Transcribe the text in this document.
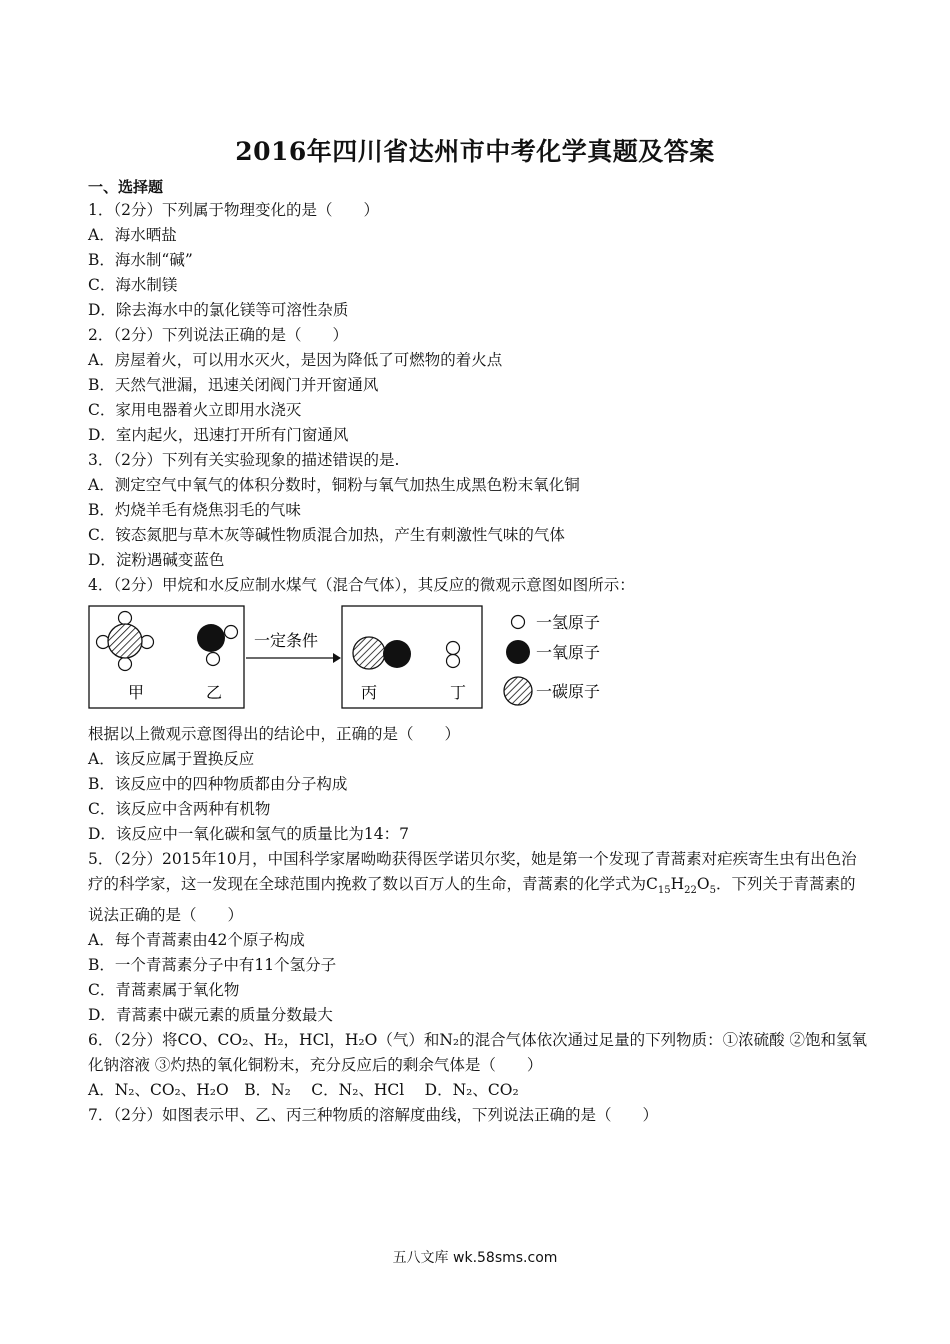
2016年四川省达州市中考化学真题及答案
一、选择题
1．（2分）下列属于物理变化的是（　　）
A．海水晒盐
B．海水制“碱”
C．海水制镁
D．除去海水中的氯化镁等可溶性杂质
2．（2分）下列说法正确的是（　　）
A．房屋着火，可以用水灭火，是因为降低了可燃物的着火点
B．天然气泄漏，迅速关闭阀门并开窗通风
C．家用电器着火立即用水浇灭
D．室内起火，迅速打开所有门窗通风
3．（2分）下列有关实验现象的描述错误的是.
A．测定空气中氧气的体积分数时，铜粉与氧气加热生成黑色粉末氧化铜
B．灼烧羊毛有烧焦羽毛的气味
C．铵态氮肥与草木灰等碱性物质混合加热，产生有刺激性气味的气体
D．淀粉遇碱变蓝色
4．（2分）甲烷和水反应制水煤气（混合气体），其反应的微观示意图如图所示：
甲	乙
一定条件
丙	丁
一氢原子
一氧原子
一碳原子
根据以上微观示意图得出的结论中，正确的是（　　）
A．该反应属于置换反应
B．该反应中的四种物质都由分子构成
C．该反应中含两种有机物
D．该反应中一氧化碳和氢气的质量比为14：7
5．（2分）2015年10月，中国科学家屠呦呦获得医学诺贝尔奖，她是第一个发现了青蒿素对疟疾寄生虫有出色治疗的科学家，这一发现在全球范围内挽救了数以百万人的生命，青蒿素的化学式为$C_{15}H_{22}O_5$．下列关于青蒿素的说法正确的是（　　）
A．每个青蒿素由42个原子构成
B．一个青蒿素分子中有11个氢分子
C．青蒿素属于氧化物
D．青蒿素中碳元素的质量分数最大
6．（2分）将CO、CO₂、H₂，HCl，H₂O（气）和N₂的混合气体依次通过足量的下列物质：①浓硫酸 ②饱和氢氧化钠溶液 ③灼热的氧化铜粉末，充分反应后的剩余气体是（　　）
A．N₂、CO₂、H₂O　B．N₂　 C．N₂、HCl　 D．N₂、CO₂
7．（2分）如图表示甲、乙、丙三种物质的溶解度曲线，下列说法正确的是（　　）
五八文库 wk.58sms.com
